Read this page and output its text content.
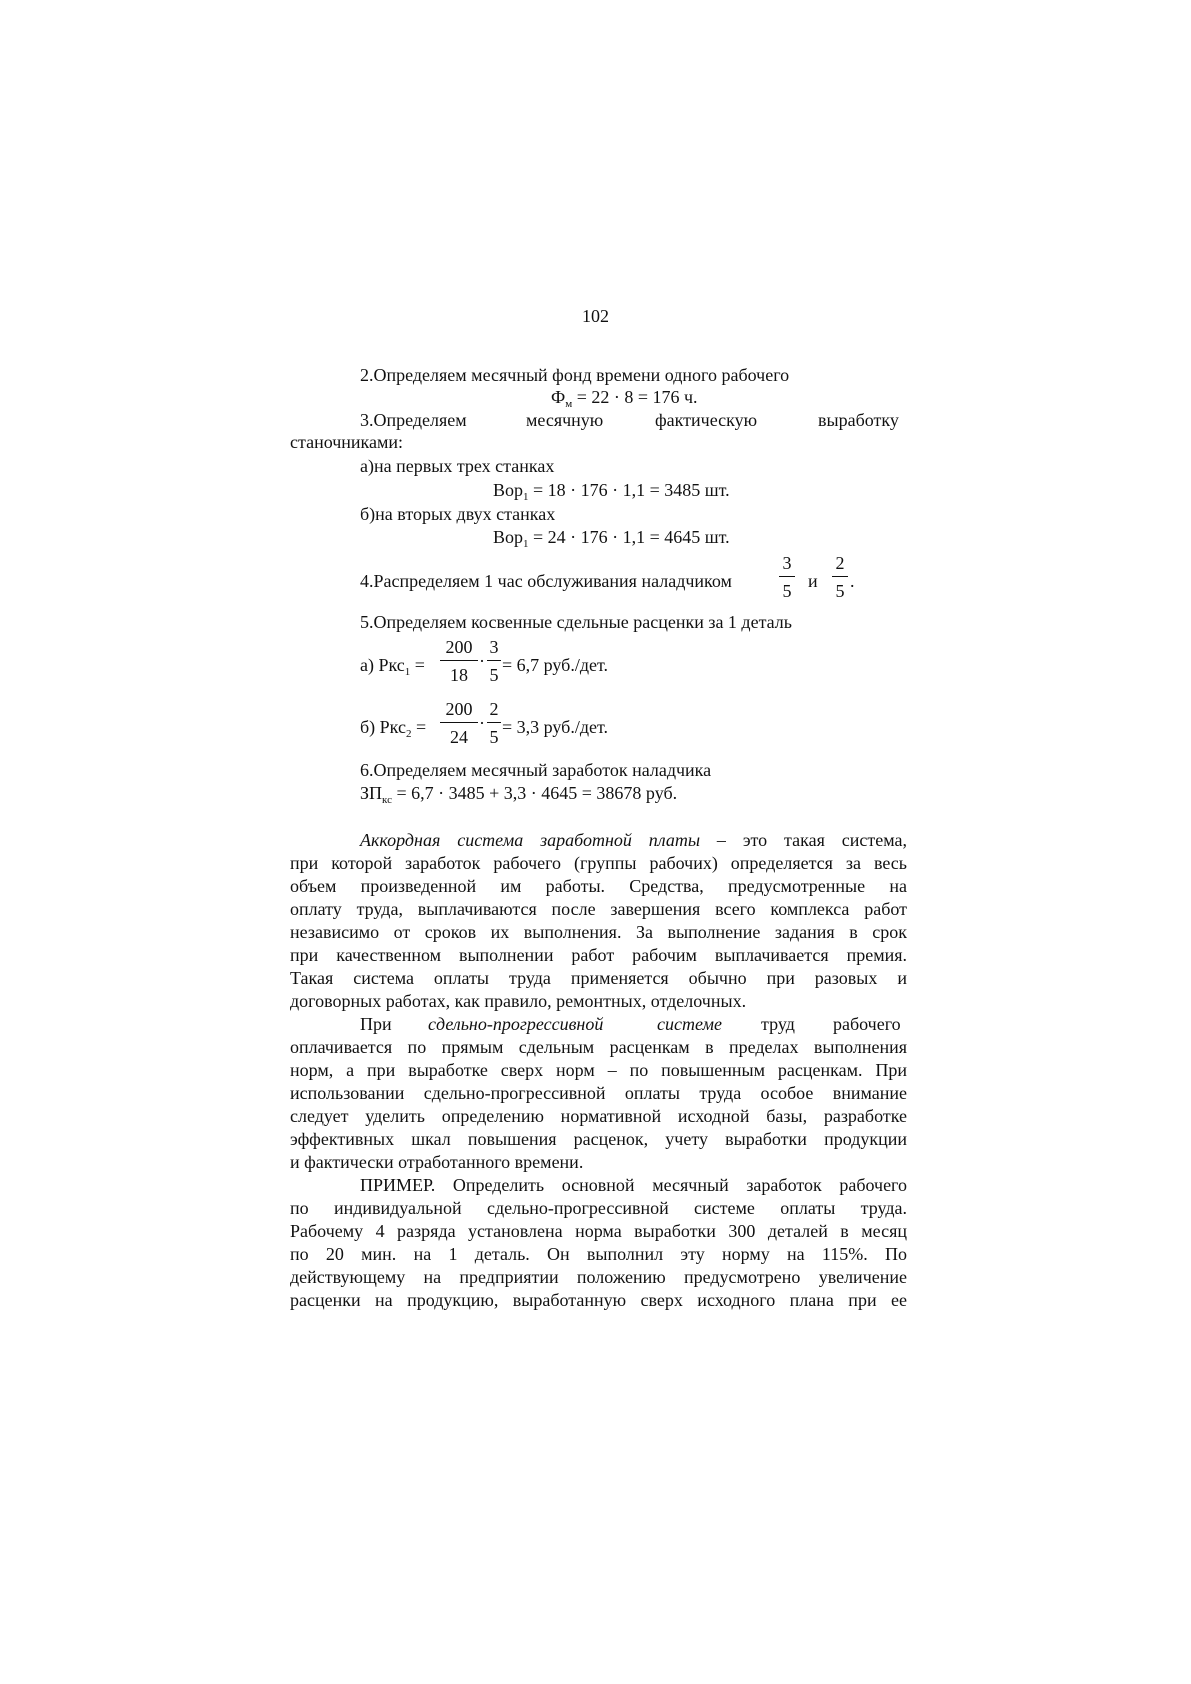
102
2.Определяем месячный фонд времени одного рабочего
$Ф_м = 22 \cdot 8 = 176$ ч.
3.Определяем	месячную	фактическую	выработку
станочниками:
а)на первых трех станках
Вор$_1$ = 18 · 176 · 1,1 = 3485 шт.
б)на вторых двух станках
Вор$_1$ = 24 · 176 · 1,1 = 4645 шт.
4.Распределяем 1 час обслуживания наладчиком
3
5 и
2
5 .
5.Определяем косвенные сдельные расценки за 1 деталь
а) Ркс$_1$ =
200
18
·
3
5 = 6,7 руб./дет.
б) Ркс$_2$ =
200
24
·
2
5 = 3,3 руб./дет.
6.Определяем месячный заработок наладчика
$ЗП_{кс} = 6,7 \cdot 3485 + 3,3 \cdot 4645 = 38678$ руб.
Аккордная система заработной платы – это такая система,
при которой заработок рабочего (группы рабочих) определяется за весь
объем произведенной им работы. Средства, предусмотренные на
оплату труда, выплачиваются после завершения всего комплекса работ
независимо от сроков их выполнения. За выполнение задания в срок
при качественном выполнении работ рабочим выплачивается премия.
Такая система оплаты труда применяется обычно при разовых и
договорных работах, как правило, ремонтных, отделочных.
При сдельно-прогрессивной	системе труд рабочего
оплачивается по прямым сдельным расценкам в пределах выполнения
норм, а при выработке сверх норм – по повышенным расценкам. При
использовании сдельно-прогрессивной оплаты труда особое внимание
следует уделить определению нормативной исходной базы, разработке
эффективных шкал повышения расценок, учету выработки продукции
и фактически отработанного времени.
ПРИМЕР. Определить основной месячный заработок рабочего
по индивидуальной сдельно-прогрессивной системе оплаты труда.
Рабочему 4 разряда установлена норма выработки 300 деталей в месяц
по 20 мин. на 1 деталь. Он выполнил эту норму на 115%. По
действующему на предприятии положению предусмотрено увеличение
расценки на продукцию, выработанную сверх исходного плана при ее
